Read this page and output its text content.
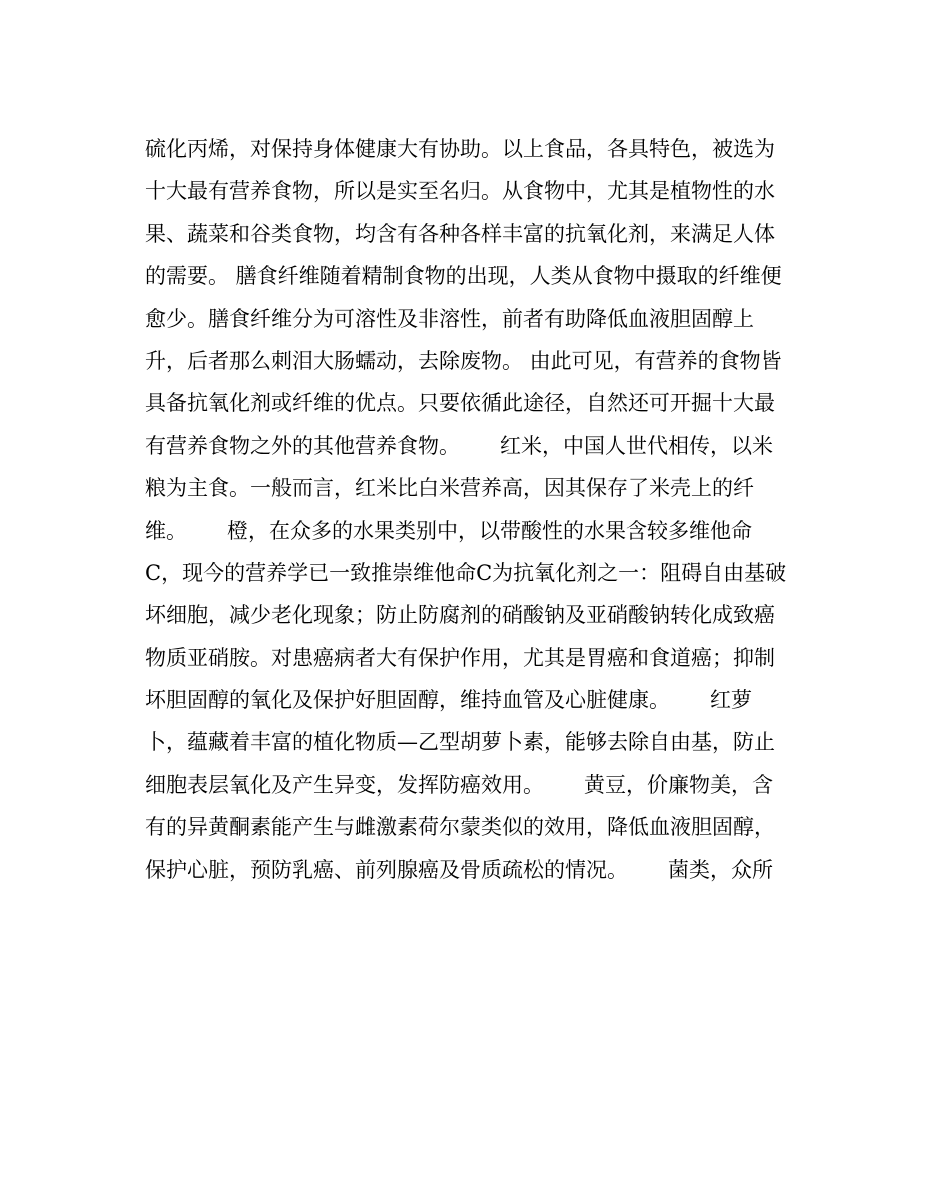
硫化丙烯，对保持身体健康大有协助。以上食品，各具特色，被选为
十大最有营养食物，所以是实至名归。从食物中，尤其是植物性的水
果、蔬菜和谷类食物，均含有各种各样丰富的抗氧化剂，来满足人体
的需要。 膳食纤维随着精制食物的出现，人类从食物中摄取的纤维便
愈少。膳食纤维分为可溶性及非溶性，前者有助降低血液胆固醇上
升，后者那么刺泪大肠蠕动，去除废物。 由此可见，有营养的食物皆
具备抗氧化剂或纤维的优点。只要依循此途径，自然还可开掘十大最
有营养食物之外的其他营养食物。      红米，中国人世代相传，以米
粮为主食。一般而言，红米比白米营养高，因其保存了米壳上的纤
维。      橙，在众多的水果类别中，以带酸性的水果含较多维他命
C，现今的营养学已一致推崇维他命C为抗氧化剂之一：阻碍自由基破
坏细胞，减少老化现象；防止防腐剂的硝酸钠及亚硝酸钠转化成致癌
物质亚硝胺。对患癌病者大有保护作用，尤其是胃癌和食道癌；抑制
坏胆固醇的氧化及保护好胆固醇，维持血管及心脏健康。      红萝
卜，蕴藏着丰富的植化物质—乙型胡萝卜素，能够去除自由基，防止
细胞表层氧化及产生异变，发挥防癌效用。      黄豆，价廉物美，含
有的异黄酮素能产生与雌激素荷尔蒙类似的效用，降低血液胆固醇，
保护心脏，预防乳癌、前列腺癌及骨质疏松的情况。      菌类，众所
